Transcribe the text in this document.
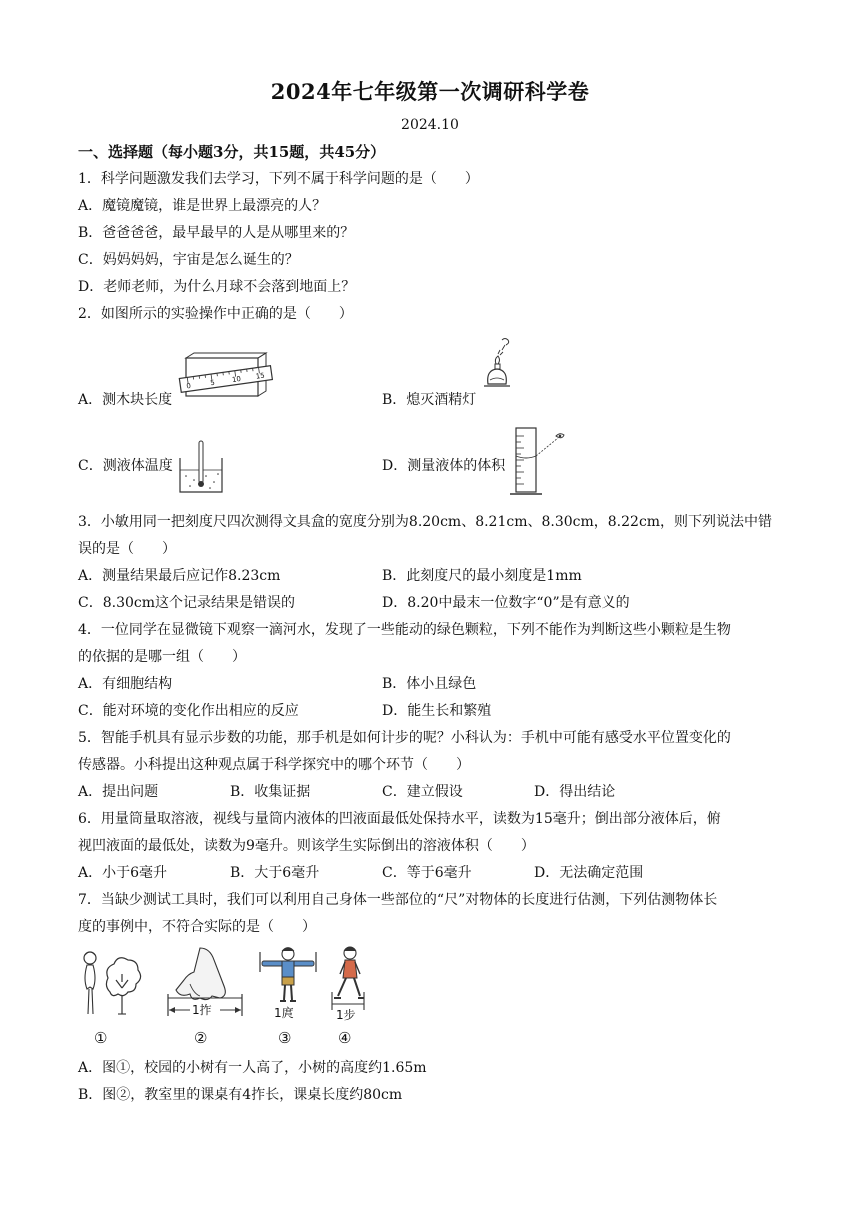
2024年七年级第一次调研科学卷
2024.10
一、选择题（每小题3分，共15题，共45分）
1．科学问题激发我们去学习，下列不属于科学问题的是（　　）
A．魔镜魔镜，谁是世界上最漂亮的人？
B．爸爸爸爸，最早最早的人是从哪里来的？
C．妈妈妈妈，宇宙是怎么诞生的？
D．老师老师，为什么月球不会落到地面上？
2．如图所示的实验操作中正确的是（　　）
0	5 10 15
A．测木块长度	B．熄灭酒精灯
C．测液体温度	D．测量液体的体积
3．小敏用同一把刻度尺四次测得文具盒的宽度分别为8.20cm、8.21cm、8.30cm，8.22cm，则下列说法中错
误的是（　　）
A．测量结果最后应记作8.23cm	B．此刻度尺的最小刻度是1mm
C．8.30cm这个记录结果是错误的	D．8.20中最末一位数字“0”是有意义的
4．一位同学在显微镜下观察一滴河水，发现了一些能动的绿色颗粒，下列不能作为判断这些小颗粒是生物
的依据的是哪一组（　　）
A．有细胞结构	B．体小且绿色
C．能对环境的变化作出相应的反应	D．能生长和繁殖
5．智能手机具有显示步数的功能，那手机是如何计步的呢？小科认为：手机中可能有感受水平位置变化的
传感器。小科提出这种观点属于科学探究中的哪个环节（　　）
A．提出问题	B．收集证据	C．建立假设	D．得出结论
6．用量筒量取溶液，视线与量筒内液体的凹液面最低处保持水平，读数为15毫升；倒出部分液体后，俯
视凹液面的最低处，读数为9毫升。则该学生实际倒出的溶液体积（　　）
A．小于6毫升	B．大于6毫升	C．等于6毫升	D．无法确定范围
7．当缺少测试工具时，我们可以利用自己身体一些部位的“尺”对物体的长度进行估测，下列估测物体长
度的事例中，不符合实际的是（　　）
①
1拃
②
1庹
③
1步
④
A．图①，校园的小树有一人高了，小树的高度约1.65m
B．图②，教室里的课桌有4拃长，课桌长度约80cm
